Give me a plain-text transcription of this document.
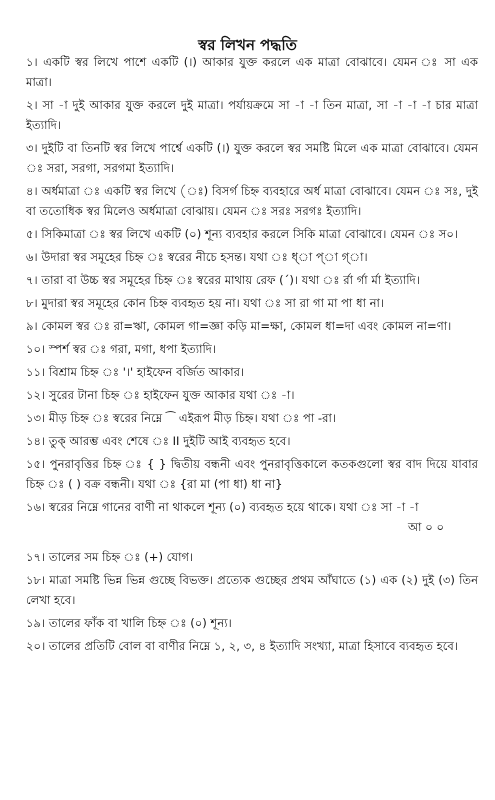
স্বর লিখন পদ্ধতি
১। একটি স্বর লিখে পাশে একটি (।) আকার যুক্ত করলে এক মাত্রা বোঝাবে। যেমন ঃ সা এক মাত্রা।
২। সা -া দুই আকার যুক্ত করলে দুই মাত্রা। পর্যায়ক্রমে সা -া -া তিন মাত্রা, সা -া -া -া চার মাত্রা ইত্যাদি।
৩। দুইটি বা তিনটি স্বর লিখে পার্শ্বে একটি (।) যুক্ত করলে স্বর সমষ্টি মিলে এক মাত্রা বোঝাবে। যেমন ঃ সরা, সরগা, সরগমা ইত্যাদি।
৪। অর্ধমাত্রা ঃ একটি স্বর লিখে (ঃ) বিসর্গ চিহ্ন ব্যবহারে অর্ধ মাত্রা বোঝাবে। যেমন ঃ সঃ, দুই বা ততোধিক স্বর মিলেও অর্ধমাত্রা বোঝায়। যেমন ঃ সরঃ সরগঃ ইত্যাদি।
৫। সিকিমাত্রা ঃ স্বর লিখে একটি (০) শূন্য ব্যবহার করলে সিকি মাত্রা বোঝাবে। যেমন ঃ স০।
৬। উদারা স্বর সমূহের চিহ্ন ঃ স্বরের নীচে হসন্ত। যথা ঃ ধ্া প্া গ্া।
৭। তারা বা উচ্চ স্বর সমূহের চিহ্ন ঃ স্বরের মাথায় রেফ (´)। যথা ঃ র্রা র্গা র্মা ইত্যাদি।
৮। মুদারা স্বর সমূহের কোন চিহ্ন ব্যবহৃত হয় না। যথা ঃ সা রা গা মা পা ধা না।
৯। কোমল স্বর ঃ রা=ঋা, কোমল গা=জ্ঞা কড়ি মা=ক্ষা, কোমল ধা=দা এবং কোমল না=ণা।
১০। স্পর্শ স্বর ঃ গরা, মগা, ধপা ইত্যাদি।
১১। বিশ্রাম চিহ্ন ঃ '।' হাইফেন বর্জিত আকার।
১২। সুরের টানা চিহ্ন ঃ হাইফেন যুক্ত আকার যথা ঃ -া।
১৩। মীড় চিহ্ন ঃ স্বরের নিম্নে ⁀ এইরূপ মীড় চিহ্ন। যথা ঃ পা -রা।
১৪। তুক্ আরম্ভ এবং শেষে ঃ II দুইটি আই ব্যবহৃত হবে।
১৫। পুনরাবৃত্তির চিহ্ন ঃ { } দ্বিতীয় বন্ধনী এবং পুনরাবৃত্তিকালে কতকগুলো স্বর বাদ দিয়ে যাবার চিহ্ন ঃ ( ) বক্র বন্ধনী। যথা ঃ {রা মা (পা ধা) ধা না}
১৬। স্বরের নিম্নে গানের বাণী না থাকলে শূন্য (০) ব্যবহৃত হয়ে থাকে। যথা ঃ সা -া -া
আ ০ ০
১৭। তালের সম চিহ্ন ঃ (+) যোগ।
১৮। মাত্রা সমষ্টি ভিন্ন ভিন্ন গুচ্ছে বিভক্ত। প্রত্যেক গুচ্ছের প্রথম আঁঘাতে (১) এক (২) দুই (৩) তিন লেখা হবে।
১৯। তালের ফাঁক বা খালি চিহ্ন ঃ (০) শূন্য।
২০। তালের প্রতিটি বোল বা বাণীর নিম্নে ১, ২, ৩, ৪ ইত্যাদি সংখ্যা, মাত্রা হিসাবে ব্যবহৃত হবে।
